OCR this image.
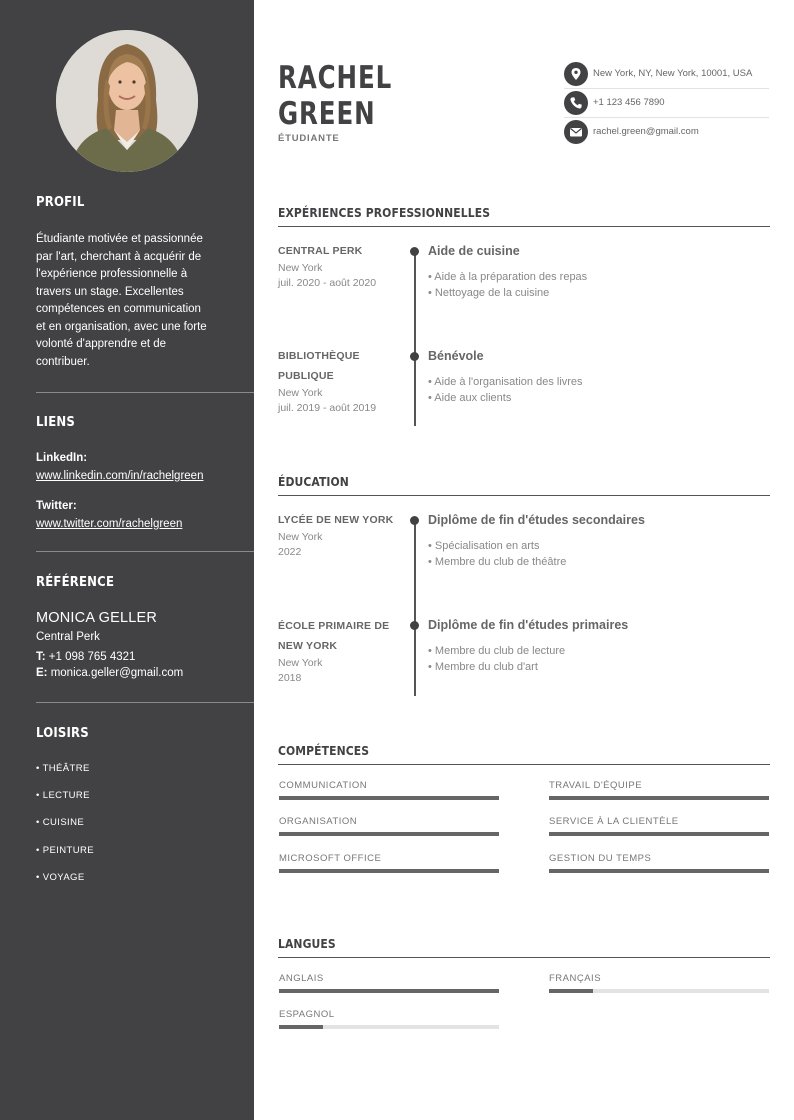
PROFIL
Étudiante motivée et passionnée
par l'art, cherchant à acquérir de
l'expérience professionnelle à
travers un stage. Excellentes
compétences en communication
et en organisation, avec une forte
volonté d'apprendre et de
contribuer.
LIENS
LinkedIn:
www.linkedin.com/in/rachelgreen
Twitter:
www.twitter.com/rachelgreen
RÉFÉRENCE
MONICA GELLER
Central Perk
T: +1 098 765 4321
E: monica.geller@gmail.com
LOISIRS
• THÉÂTRE
• LECTURE
• CUISINE
• PEINTURE
• VOYAGE
RACHEL
GREEN
ÉTUDIANTE
New York, NY, New York, 10001, USA
+1 123 456 7890
rachel.green@gmail.com
EXPÉRIENCES PROFESSIONNELLES
CENTRAL PERK
New York
juil. 2020 - août 2020
Aide de cuisine
• Aide à la préparation des repas
• Nettoyage de la cuisine
BIBLIOTHÈQUE
PUBLIQUE
New York
juil. 2019 - août 2019
Bénévole
• Aide à l'organisation des livres
• Aide aux clients
ÉDUCATION
LYCÉE DE NEW YORK
New York
2022
Diplôme de fin d'études secondaires
• Spécialisation en arts
• Membre du club de théâtre
ÉCOLE PRIMAIRE DE
NEW YORK
New York
2018
Diplôme de fin d'études primaires
• Membre du club de lecture
• Membre du club d'art
COMPÉTENCES
COMMUNICATION	TRAVAIL D'ÉQUIPE
ORGANISATION	SERVICE À LA CLIENTÈLE
MICROSOFT OFFICE	GESTION DU TEMPS
LANGUES
ANGLAIS	FRANÇAIS
ESPAGNOL
